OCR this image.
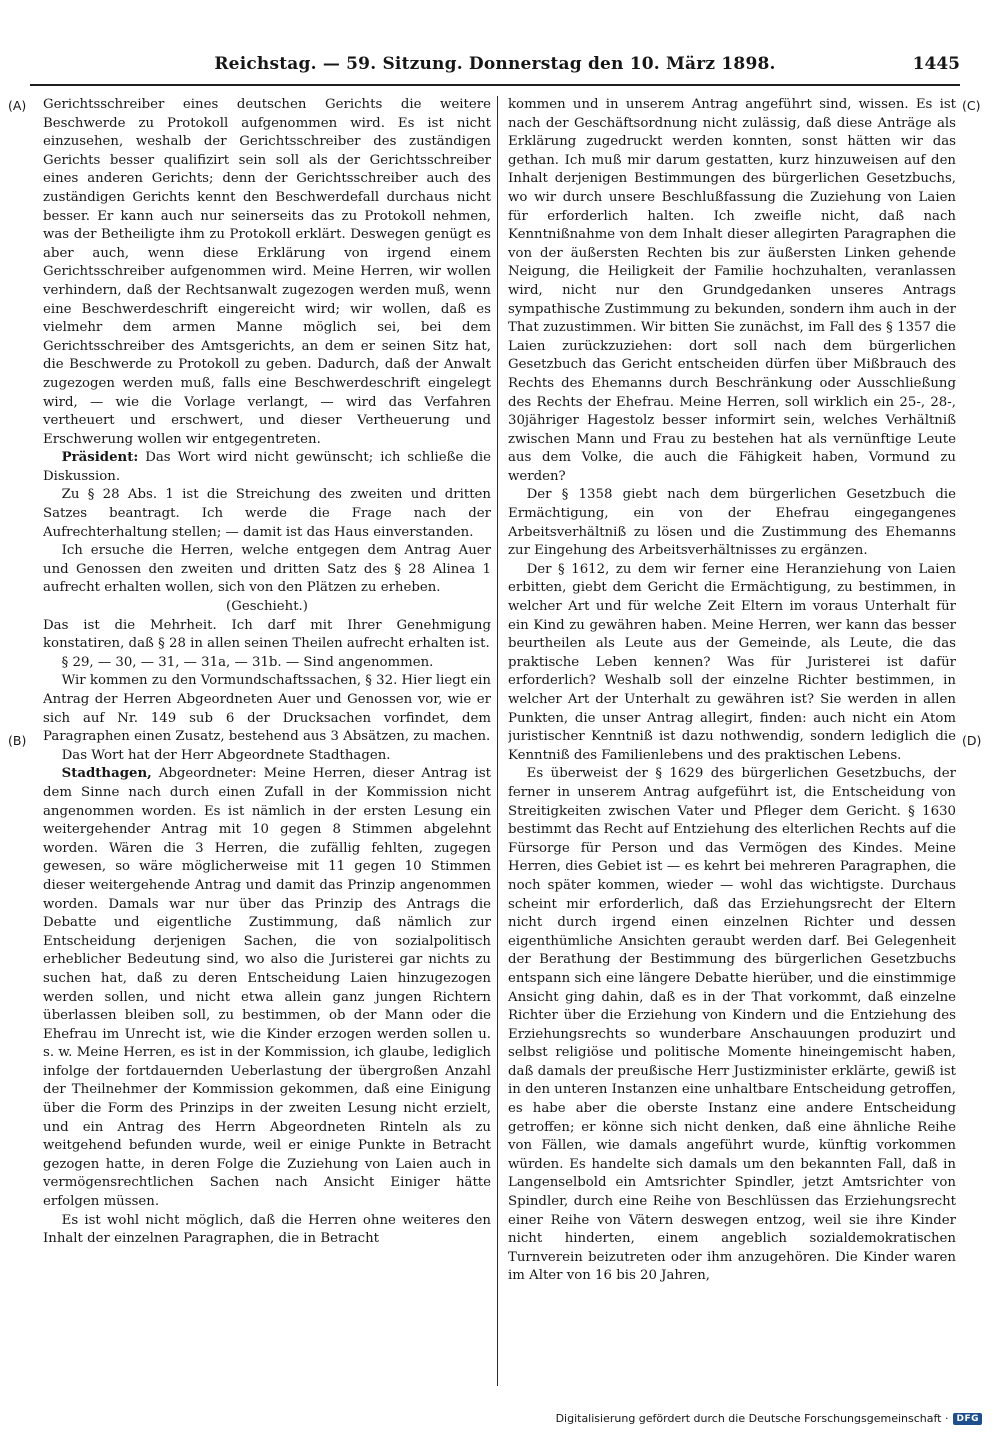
Reichstag. — 59. Sitzung. Donnerstag den 10. März 1898.	1445
(A)
(B)
(C)
(D)

Gerichtsschreiber eines deutschen Gerichts die weitere Beschwerde zu Protokoll aufgenommen wird. Es ist nicht einzusehen, weshalb der Gerichtsschreiber des zuständigen Gerichts besser qualifizirt sein soll als der Gerichtsschreiber eines anderen Gerichts; denn der Gerichtsschreiber auch des zuständigen Gerichts kennt den Beschwerdefall durchaus nicht besser. Er kann auch nur seinerseits das zu Protokoll nehmen, was der Betheiligte ihm zu Protokoll erklärt. Deswegen genügt es aber auch, wenn diese Erklärung von irgend einem Gerichtsschreiber aufgenommen wird. Meine Herren, wir wollen verhindern, daß der Rechtsanwalt zugezogen werden muß, wenn eine Beschwerdeschrift eingereicht wird; wir wollen, daß es vielmehr dem armen Manne möglich sei, bei dem Gerichtsschreiber des Amtsgerichts, an dem er seinen Sitz hat, die Beschwerde zu Protokoll zu geben. Dadurch, daß der Anwalt zugezogen werden muß, falls eine Beschwerdeschrift eingelegt wird, — wie die Vorlage verlangt, — wird das Verfahren vertheuert und erschwert, und dieser Vertheuerung und Erschwerung wollen wir entgegentreten.

Präsident: Das Wort wird nicht gewünscht; ich schließe die Diskussion.

Zu § 28 Abs. 1 ist die Streichung des zweiten und dritten Satzes beantragt. Ich werde die Frage nach der Aufrechterhaltung stellen; — damit ist das Haus einverstanden.

Ich ersuche die Herren, welche entgegen dem Antrag Auer und Genossen den zweiten und dritten Satz des § 28 Alinea 1 aufrecht erhalten wollen, sich von den Plätzen zu erheben.

(Geschieht.)

Das ist die Mehrheit. Ich darf mit Ihrer Genehmigung konstatiren, daß § 28 in allen seinen Theilen aufrecht erhalten ist.

§ 29, — 30, — 31, — 31a, — 31b. — Sind angenommen.

Wir kommen zu den Vormundschaftssachen, § 32. Hier liegt ein Antrag der Herren Abgeordneten Auer und Genossen vor, wie er sich auf Nr. 149 sub 6 der Drucksachen vorfindet, dem Paragraphen einen Zusatz, bestehend aus 3 Absätzen, zu machen.

Das Wort hat der Herr Abgeordnete Stadthagen.

Stadthagen, Abgeordneter: Meine Herren, dieser Antrag ist dem Sinne nach durch einen Zufall in der Kommission nicht angenommen worden. Es ist nämlich in der ersten Lesung ein weitergehender Antrag mit 10 gegen 8 Stimmen abgelehnt worden. Wären die 3 Herren, die zufällig fehlten, zugegen gewesen, so wäre möglicherweise mit 11 gegen 10 Stimmen dieser weitergehende Antrag und damit das Prinzip angenommen worden. Damals war nur über das Prinzip des Antrags die Debatte und eigentliche Zustimmung, daß nämlich zur Entscheidung derjenigen Sachen, die von sozialpolitisch erheblicher Bedeutung sind, wo also die Juristerei gar nichts zu suchen hat, daß zu deren Entscheidung Laien hinzugezogen werden sollen, und nicht etwa allein ganz jungen Richtern überlassen bleiben soll, zu bestimmen, ob der Mann oder die Ehefrau im Unrecht ist, wie die Kinder erzogen werden sollen u. s. w. Meine Herren, es ist in der Kommission, ich glaube, lediglich infolge der fortdauernden Ueberlastung der übergroßen Anzahl der Theilnehmer der Kommission gekommen, daß eine Einigung über die Form des Prinzips in der zweiten Lesung nicht erzielt, und ein Antrag des Herrn Abgeordneten Rinteln als zu weitgehend befunden wurde, weil er einige Punkte in Betracht gezogen hatte, in deren Folge die Zuziehung von Laien auch in vermögensrechtlichen Sachen nach Ansicht Einiger hätte erfolgen müssen.

Es ist wohl nicht möglich, daß die Herren ohne weiteres den Inhalt der einzelnen Paragraphen, die in Betracht

kommen und in unserem Antrag angeführt sind, wissen. Es ist nach der Geschäftsordnung nicht zulässig, daß diese Anträge als Erklärung zugedruckt werden konnten, sonst hätten wir das gethan. Ich muß mir darum gestatten, kurz hinzuweisen auf den Inhalt derjenigen Bestimmungen des bürgerlichen Gesetzbuchs, wo wir durch unsere Beschlußfassung die Zuziehung von Laien für erforderlich halten. Ich zweifle nicht, daß nach Kenntnißnahme von dem Inhalt dieser allegirten Paragraphen die von der äußersten Rechten bis zur äußersten Linken gehende Neigung, die Heiligkeit der Familie hochzuhalten, veranlassen wird, nicht nur den Grundgedanken unseres Antrags sympathische Zustimmung zu bekunden, sondern ihm auch in der That zuzustimmen. Wir bitten Sie zunächst, im Fall des § 1357 die Laien zurückzuziehen: dort soll nach dem bürgerlichen Gesetzbuch das Gericht entscheiden dürfen über Mißbrauch des Rechts des Ehemanns durch Beschränkung oder Ausschließung des Rechts der Ehefrau. Meine Herren, soll wirklich ein 25-, 28-, 30jähriger Hagestolz besser informirt sein, welches Verhältniß zwischen Mann und Frau zu bestehen hat als vernünftige Leute aus dem Volke, die auch die Fähigkeit haben, Vormund zu werden?

Der § 1358 giebt nach dem bürgerlichen Gesetzbuch die Ermächtigung, ein von der Ehefrau eingegangenes Arbeitsverhältniß zu lösen und die Zustimmung des Ehemanns zur Eingehung des Arbeitsverhältnisses zu ergänzen.

Der § 1612, zu dem wir ferner eine Heranziehung von Laien erbitten, giebt dem Gericht die Ermächtigung, zu bestimmen, in welcher Art und für welche Zeit Eltern im voraus Unterhalt für ein Kind zu gewähren haben. Meine Herren, wer kann das besser beurtheilen als Leute aus der Gemeinde, als Leute, die das praktische Leben kennen? Was für Juristerei ist dafür erforderlich? Weshalb soll der einzelne Richter bestimmen, in welcher Art der Unterhalt zu gewähren ist? Sie werden in allen Punkten, die unser Antrag allegirt, finden: auch nicht ein Atom juristischer Kenntniß ist dazu nothwendig, sondern lediglich die Kenntniß des Familienlebens und des praktischen Lebens.

Es überweist der § 1629 des bürgerlichen Gesetzbuchs, der ferner in unserem Antrag aufgeführt ist, die Entscheidung von Streitigkeiten zwischen Vater und Pfleger dem Gericht. § 1630 bestimmt das Recht auf Entziehung des elterlichen Rechts auf die Fürsorge für Person und das Vermögen des Kindes. Meine Herren, dies Gebiet ist — es kehrt bei mehreren Paragraphen, die noch später kommen, wieder — wohl das wichtigste. Durchaus scheint mir erforderlich, daß das Erziehungsrecht der Eltern nicht durch irgend einen einzelnen Richter und dessen eigenthümliche Ansichten geraubt werden darf. Bei Gelegenheit der Berathung der Bestimmung des bürgerlichen Gesetzbuchs entspann sich eine längere Debatte hierüber, und die einstimmige Ansicht ging dahin, daß es in der That vorkommt, daß einzelne Richter über die Erziehung von Kindern und die Entziehung des Erziehungsrechts so wunderbare Anschauungen produzirt und selbst religiöse und politische Momente hineingemischt haben, daß damals der preußische Herr Justizminister erklärte, gewiß ist in den unteren Instanzen eine unhaltbare Entscheidung getroffen, es habe aber die oberste Instanz eine andere Entscheidung getroffen; er könne sich nicht denken, daß eine ähnliche Reihe von Fällen, wie damals angeführt wurde, künftig vorkommen würden. Es handelte sich damals um den bekannten Fall, daß in Langenselbold ein Amtsrichter Spindler, jetzt Amtsrichter von Spindler, durch eine Reihe von Beschlüssen das Erziehungsrecht einer Reihe von Vätern deswegen entzog, weil sie ihre Kinder nicht hinderten, einem angeblich sozialdemokratischen Turnverein beizutreten oder ihm anzugehören. Die Kinder waren im Alter von 16 bis 20 Jahren,

Digitalisierung gefördert durch die Deutsche Forschungsgemeinschaft · DFG
